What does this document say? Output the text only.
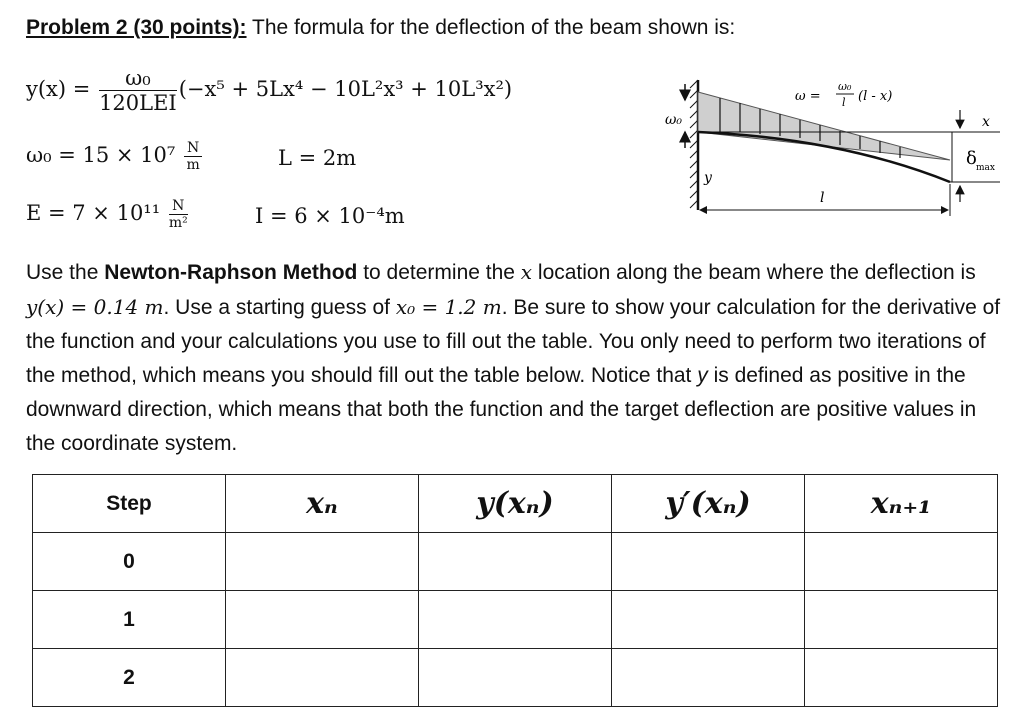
Problem 2 (30 points): The formula for the deflection of the beam shown is:
$y(x) = \frac{\text{ω₀}}{\text{120LEI}} (-x^5 + 5Lx^4 - 10L^2x^3 + 10L^3x^2)$
$\omega_0 = 15 \times 10^7 \frac{N}{m}$	L = 2m
$E = 7 \times 10^{11} \frac{N}{\text{m²}}$	I = 6 × 10⁻⁴m
ω₀	x
y
ω =
ω₀
l (l - x)
δ max
l
Use the Newton-Raphson Method to determine the x location along the beam where the deflection is y(x) = 0.14 m. Use a starting guess of x₀ = 1.2 m. Be sure to show your calculation for the derivative of the function and your calculations you use to fill out the table. You only need to perform two iterations of the method, which means you should fill out the table below. Notice that y is defined as positive in the downward direction, which means that both the function and the target deflection are positive values in the coordinate system.
Step	xₙ	y(xₙ)	y′(xₙ)	xₙ₊₁
0				
1				
2				
